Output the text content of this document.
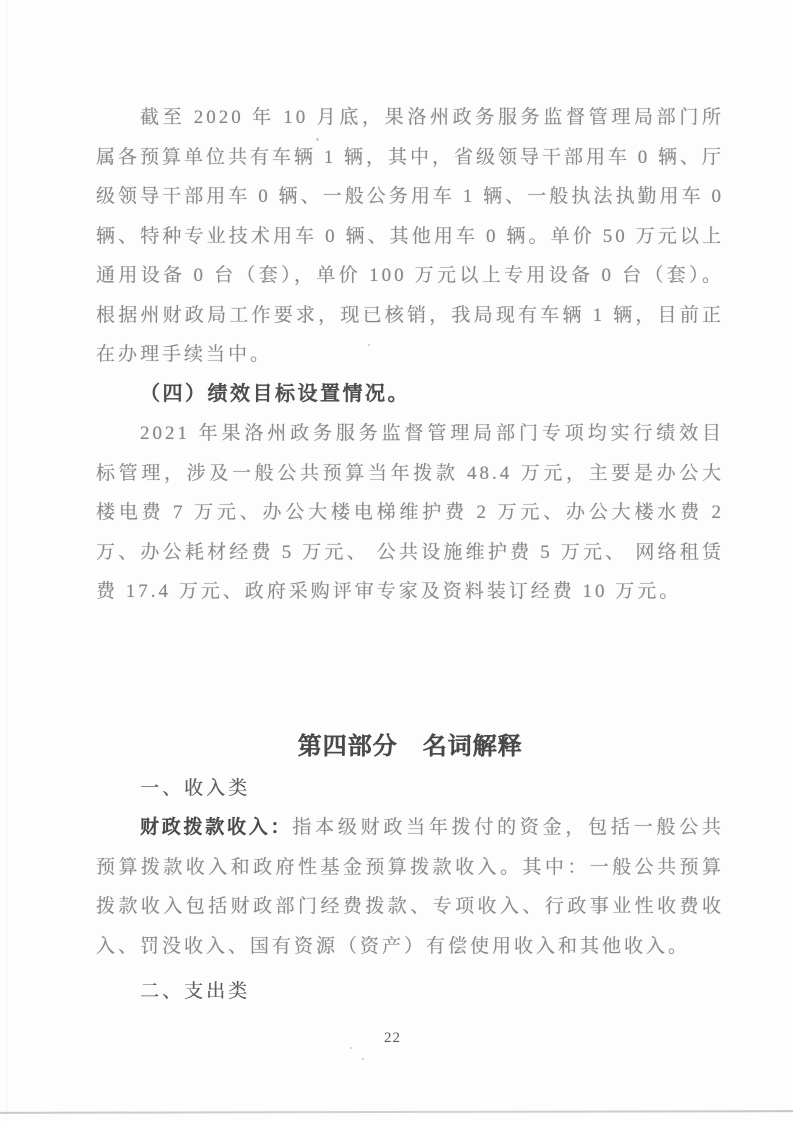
截至 2020 年 10 月底，果洛州政务服务监督管理局部门所属各预算单位共有车辆 1 辆，其中，省级领导干部用车 0 辆、厅级领导干部用车 0 辆、一般公务用车 1 辆、一般执法执勤用车 0 辆、特种专业技术用车 0 辆、其他用车 0 辆。单价 50 万元以上通用设备 0 台（套），单价 100 万元以上专用设备 0 台（套）。根据州财政局工作要求，现已核销，我局现有车辆 1 辆，目前正在办理手续当中。

（四）绩效目标设置情况。

2021 年果洛州政务服务监督管理局部门专项均实行绩效目标管理，涉及一般公共预算当年拨款 48.4 万元，主要是办公大楼电费 7 万元、办公大楼电梯维护费 2 万元、办公大楼水费 2 万、办公耗材经费 5 万元、 公共设施维护费 5 万元、 网络租赁费 17.4 万元、政府采购评审专家及资料装订经费 10 万元。

第四部分　名词解释
一、收入类

财政拨款收入：指本级财政当年拨付的资金，包括一般公共预算拨款收入和政府性基金预算拨款收入。其中：一般公共预算拨款收入包括财政部门经费拨款、专项收入、行政事业性收费收入、罚没收入、国有资源（资产）有偿使用收入和其他收入。

二、支出类
22
